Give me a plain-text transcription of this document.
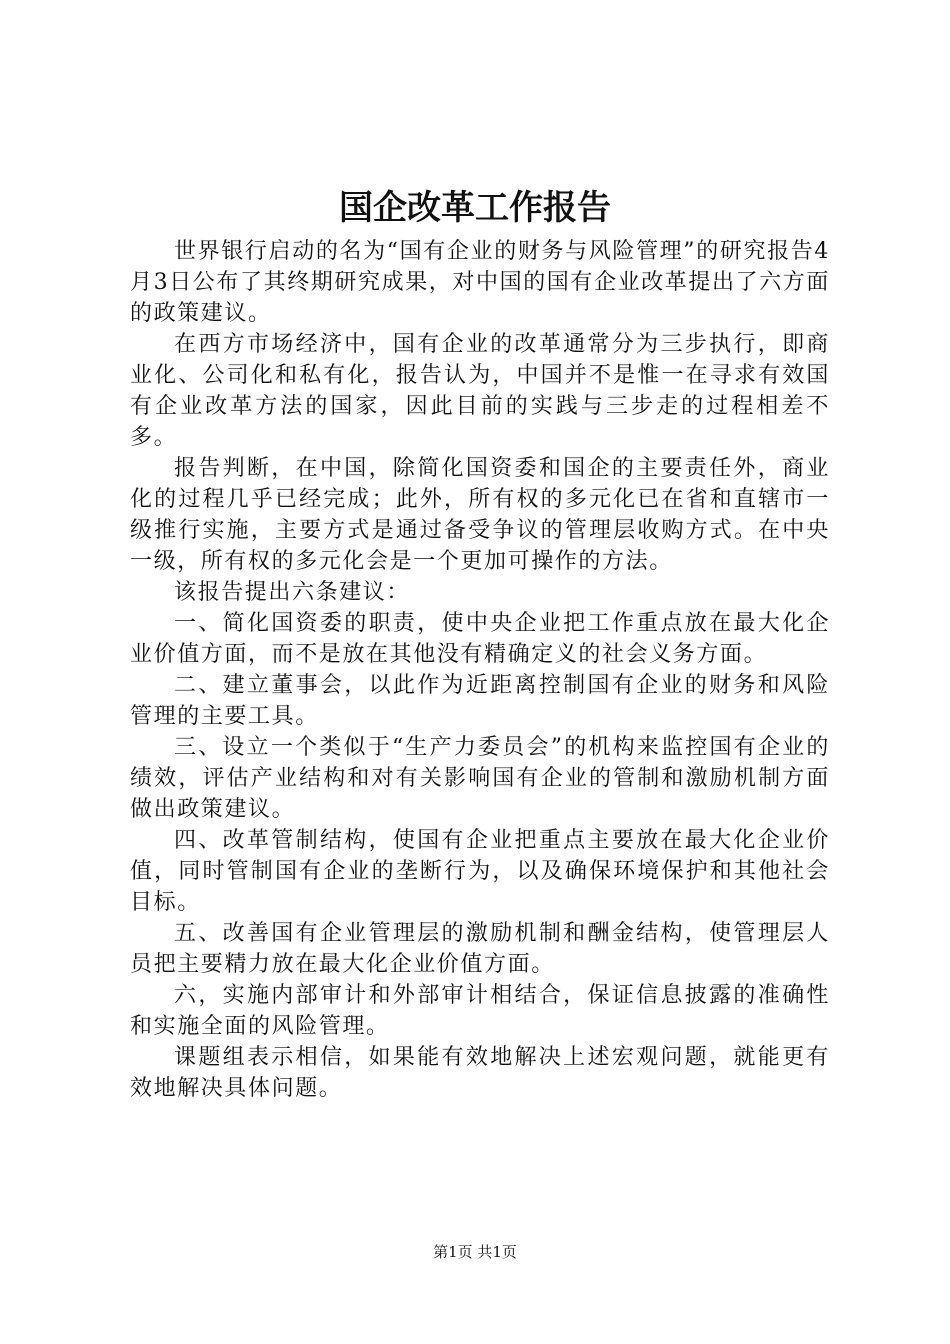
国企改革工作报告

世界银行启动的名为“国有企业的财务与风险管理”的研究报告4月3日公布了其终期研究成果，对中国的国有企业改革提出了六方面的政策建议。

在西方市场经济中，国有企业的改革通常分为三步执行，即商业化、公司化和私有化，报告认为，中国并不是惟一在寻求有效国有企业改革方法的国家，因此目前的实践与三步走的过程相差不多。

报告判断，在中国，除简化国资委和国企的主要责任外，商业化的过程几乎已经完成；此外，所有权的多元化已在省和直辖市一级推行实施，主要方式是通过备受争议的管理层收购方式。在中央一级，所有权的多元化会是一个更加可操作的方法。

该报告提出六条建议：

一、简化国资委的职责，使中央企业把工作重点放在最大化企业价值方面，而不是放在其他没有精确定义的社会义务方面。

二、建立董事会，以此作为近距离控制国有企业的财务和风险管理的主要工具。

三、设立一个类似于“生产力委员会”的机构来监控国有企业的绩效，评估产业结构和对有关影响国有企业的管制和激励机制方面做出政策建议。

四、改革管制结构，使国有企业把重点主要放在最大化企业价值，同时管制国有企业的垄断行为，以及确保环境保护和其他社会目标。

五、改善国有企业管理层的激励机制和酬金结构，使管理层人员把主要精力放在最大化企业价值方面。

六，实施内部审计和外部审计相结合，保证信息披露的准确性和实施全面的风险管理。

课题组表示相信，如果能有效地解决上述宏观问题，就能更有效地解决具体问题。

第1页 共1页
